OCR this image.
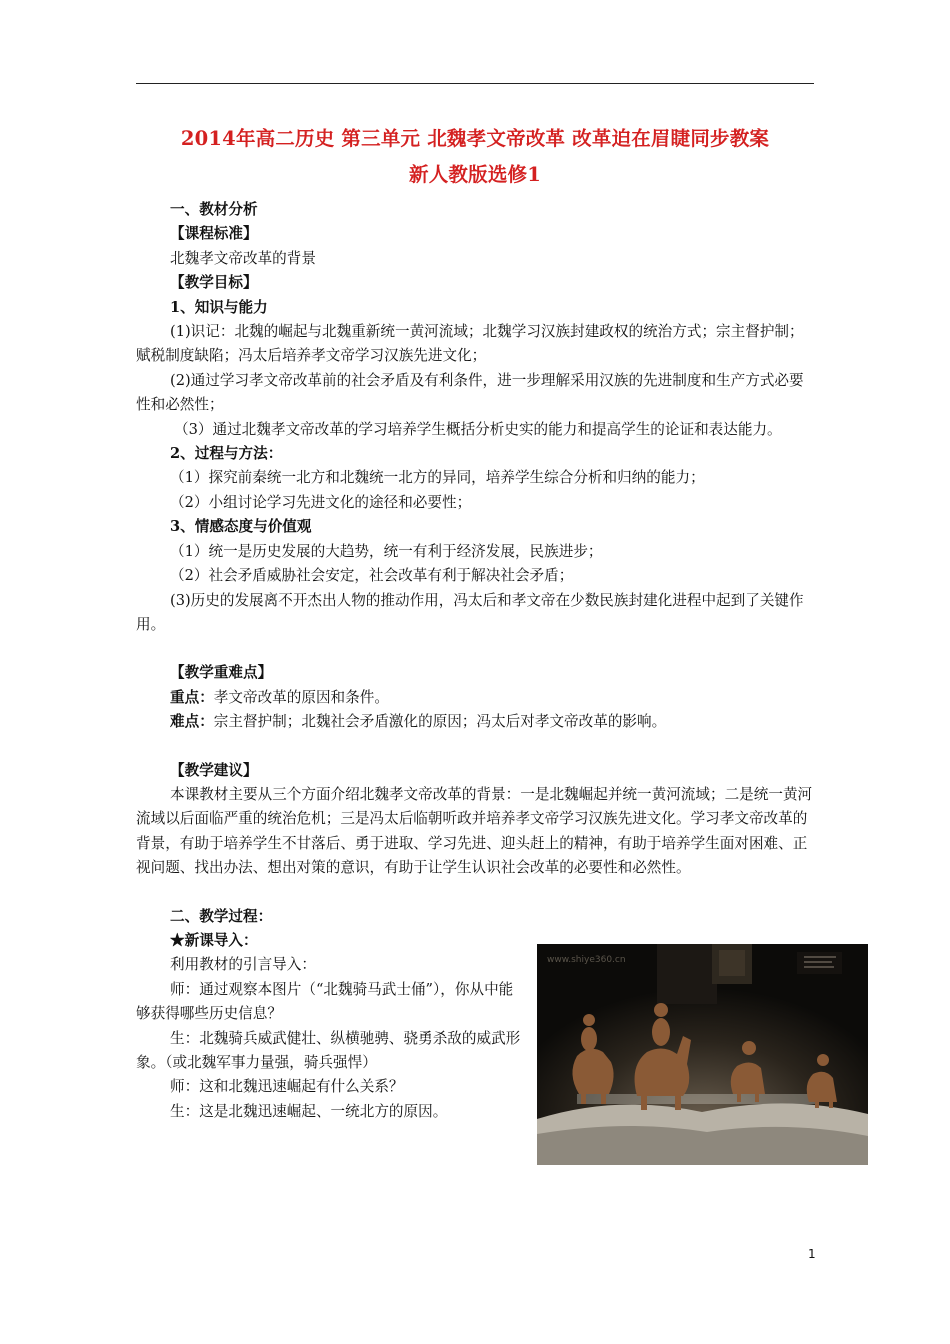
2014年高二历史 第三单元 北魏孝文帝改革 改革迫在眉睫同步教案
新人教版选修1

一、教材分析

【课程标准】

北魏孝文帝改革的背景

【教学目标】

1、知识与能力

(1)识记：北魏的崛起与北魏重新统一黄河流域；北魏学习汉族封建政权的统治方式；宗主督护制；赋税制度缺陷；冯太后培养孝文帝学习汉族先进文化；

(2)通过学习孝文帝改革前的社会矛盾及有利条件，进一步理解采用汉族的先进制度和生产方式必要性和必然性；

（3）通过北魏孝文帝改革的学习培养学生概括分析史实的能力和提高学生的论证和表达能力。

2、过程与方法：

（1）探究前秦统一北方和北魏统一北方的异同，培养学生综合分析和归纳的能力；

（2）小组讨论学习先进文化的途径和必要性；

3、情感态度与价值观

（1）统一是历史发展的大趋势，统一有利于经济发展，民族进步；

（2）社会矛盾威胁社会安定，社会改革有利于解决社会矛盾；

(3)历史的发展离不开杰出人物的推动作用，冯太后和孝文帝在少数民族封建化进程中起到了关键作用。

【教学重难点】

重点：孝文帝改革的原因和条件。

难点：宗主督护制；北魏社会矛盾激化的原因；冯太后对孝文帝改革的影响。

【教学建议】

本课教材主要从三个方面介绍北魏孝文帝改革的背景：一是北魏崛起并统一黄河流域；二是统一黄河流域以后面临严重的统治危机；三是冯太后临朝听政并培养孝文帝学习汉族先进文化。学习孝文帝改革的背景，有助于培养学生不甘落后、勇于进取、学习先进、迎头赶上的精神，有助于培养学生面对困难、正视问题、找出办法、想出对策的意识，有助于让学生认识社会改革的必要性和必然性。

二、教学过程：

★新课导入：

利用教材的引言导入：

师：通过观察本图片（“北魏骑马武士俑”），你从中能够获得哪些历史信息？

生：北魏骑兵威武健壮、纵横驰骋、骁勇杀敌的威武形象。（或北魏军事力量强，骑兵强悍）

师：这和北魏迅速崛起有什么关系？

生：这是北魏迅速崛起、一统北方的原因。

www.shiye360.cn
1
